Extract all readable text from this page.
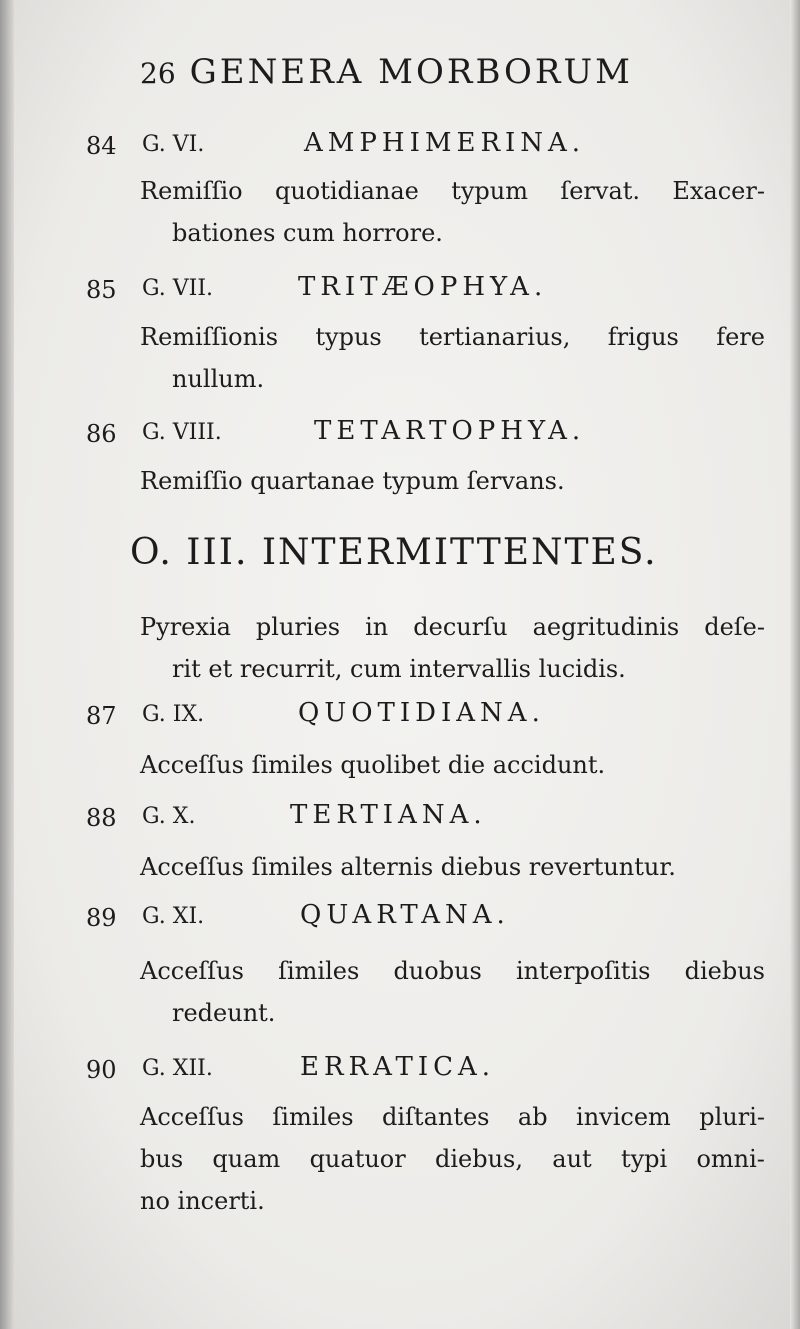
26 GENERA MORBORUM
84 G. VI.	AMPHIMERINA.
Remiſſio quotidianae typum ſervat. Exacer-
bationes cum horrore.
85 G. VII.	TRITÆOPHYA.
Remiſſionis typus tertianarius, frigus fere
nullum.
86 G. VIII.	TETARTOPHYA.
Remiſſio quartanae typum ſervans.
O. III. INTERMITTENTES.
Pyrexia pluries in decurſu aegritudinis deſe-
rit et recurrit, cum intervallis lucidis.
87 G. IX.	QUOTIDIANA.
Acceſſus ſimiles quolibet die accidunt.
88 G. X.	TERTIANA.
Acceſſus ſimiles alternis diebus revertuntur.
89 G. XI.	QUARTANA.
Acceſſus ſimiles duobus interpoſitis diebus
redeunt.
90 G. XII.	ERRATICA.
Acceſſus ſimiles diſtantes ab invicem pluri-
bus quam quatuor diebus, aut typi omni-
no incerti.
